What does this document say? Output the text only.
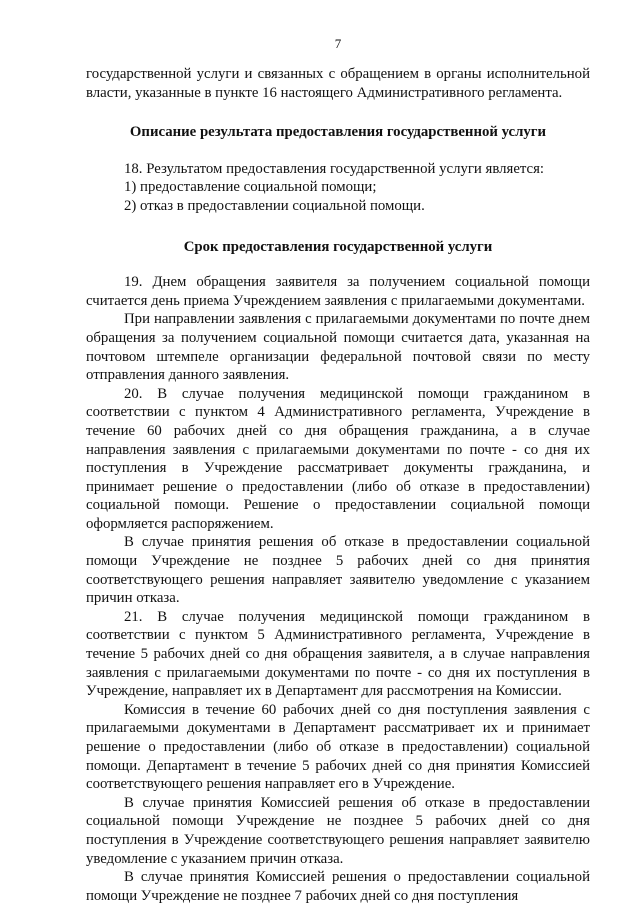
7

государственной услуги и связанных с обращением в органы исполнительной власти, указанные в пункте 16 настоящего Административного регламента.

Описание результата предоставления государственной услуги

18. Результатом предоставления государственной услуги является:

1) предоставление социальной помощи;

2) отказ в предоставлении социальной помощи.

Срок предоставления государственной услуги

19. Днем обращения заявителя за получением социальной помощи считается день приема Учреждением заявления с прилагаемыми документами.

При направлении заявления с прилагаемыми документами по почте днем обращения за получением социальной помощи считается дата, указанная на почтовом штемпеле организации федеральной почтовой связи по месту отправления данного заявления.

20. В случае получения медицинской помощи гражданином в соответствии с пунктом 4 Административного регламента, Учреждение в течение 60 рабочих дней со дня обращения гражданина, а в случае направления заявления с прилагаемыми документами по почте - со дня их поступления в Учреждение рассматривает документы гражданина, и принимает решение о предоставлении (либо об отказе в предоставлении) социальной помощи. Решение о предоставлении социальной помощи оформляется распоряжением.

В случае принятия решения об отказе в предоставлении социальной помощи Учреждение не позднее 5 рабочих дней со дня принятия соответствующего решения направляет заявителю уведомление с указанием причин отказа.

21. В случае получения медицинской помощи гражданином в соответствии с пунктом 5 Административного регламента, Учреждение в течение 5 рабочих дней со дня обращения заявителя, а в случае направления заявления с прилагаемыми документами по почте - со дня их поступления в Учреждение, направляет их в Департамент для рассмотрения на Комиссии.

Комиссия в течение 60 рабочих дней со дня поступления заявления с прилагаемыми документами в Департамент рассматривает их и принимает решение о предоставлении (либо об отказе в предоставлении) социальной помощи. Департамент в течение 5 рабочих дней со дня принятия Комиссией соответствующего решения направляет его в Учреждение.

В случае принятия Комиссией решения об отказе в предоставлении социальной помощи Учреждение не позднее 5 рабочих дней со дня поступления в Учреждение соответствующего решения направляет заявителю уведомление с указанием причин отказа.

В случае принятия Комиссией решения о предоставлении социальной помощи Учреждение не позднее 7 рабочих дней со дня поступления
